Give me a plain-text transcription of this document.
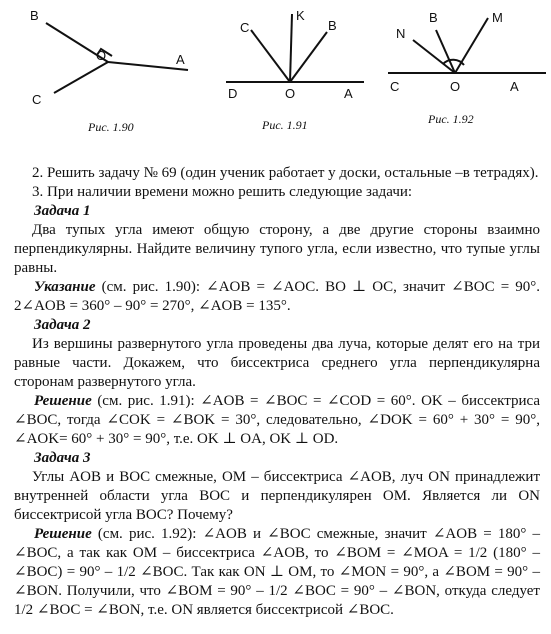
B
O	A
C
C
K
B
D	O	A
N
B	M
C	O	A
Рис. 1.90	Рис. 1.91	Рис. 1.92

2. Решить задачу № 69 (один ученик работает у доски, остальные –в тетрадях).

3. При наличии времени можно решить следующие задачи:

Задача 1

Два тупых угла имеют общую сторону, а две другие стороны взаимно перпендикулярны. Найдите величину тупого угла, если известно, что тупые углы равны.

Указание (см. рис. 1.90): ∠AOB = ∠AOC. BO ⊥ OC, значит ∠BOC = 90°. 2∠AOB = 360° – 90° = 270°, ∠AOB = 135°.

Задача 2

Из вершины развернутого угла проведены два луча, которые делят его на три равные части. Докажем, что биссектриса среднего угла перпендикулярна сторонам развернутого угла.

Решение (см. рис. 1.91): ∠AOB = ∠BOC = ∠COD = 60°. OK – биссектриса ∠BOC, тогда ∠COK = ∠BOK = 30°, следовательно, ∠DOK = 60° + 30° = 90°, ∠AOK= 60° + 30° = 90°, т.е. OK ⊥ OA, OK ⊥ OD.

Задача 3

Углы AOB и BOC смежные, OM – биссектриса ∠AOB, луч ON принадлежит внутренней области угла BOC и перпендикулярен OM. Является ли ON биссектрисой угла BOC? Почему?

Решение (см. рис. 1.92): ∠AOB и ∠BOC смежные, значит ∠AOB = 180° – ∠BOC, а так как OM – биссектриса ∠AOB, то ∠BOM = ∠MOA = 1/2 (180° – ∠BOC) = 90° – 1/2 ∠BOC. Так как ON ⊥ OM, то ∠MON = 90°, а ∠BOM = 90° – ∠BON. Получили, что ∠BOM = 90° – 1/2 ∠BOC = 90° – ∠BON, откуда следует 1/2 ∠BOC = ∠BON, т.е. ON является биссектрисой ∠BOC.
